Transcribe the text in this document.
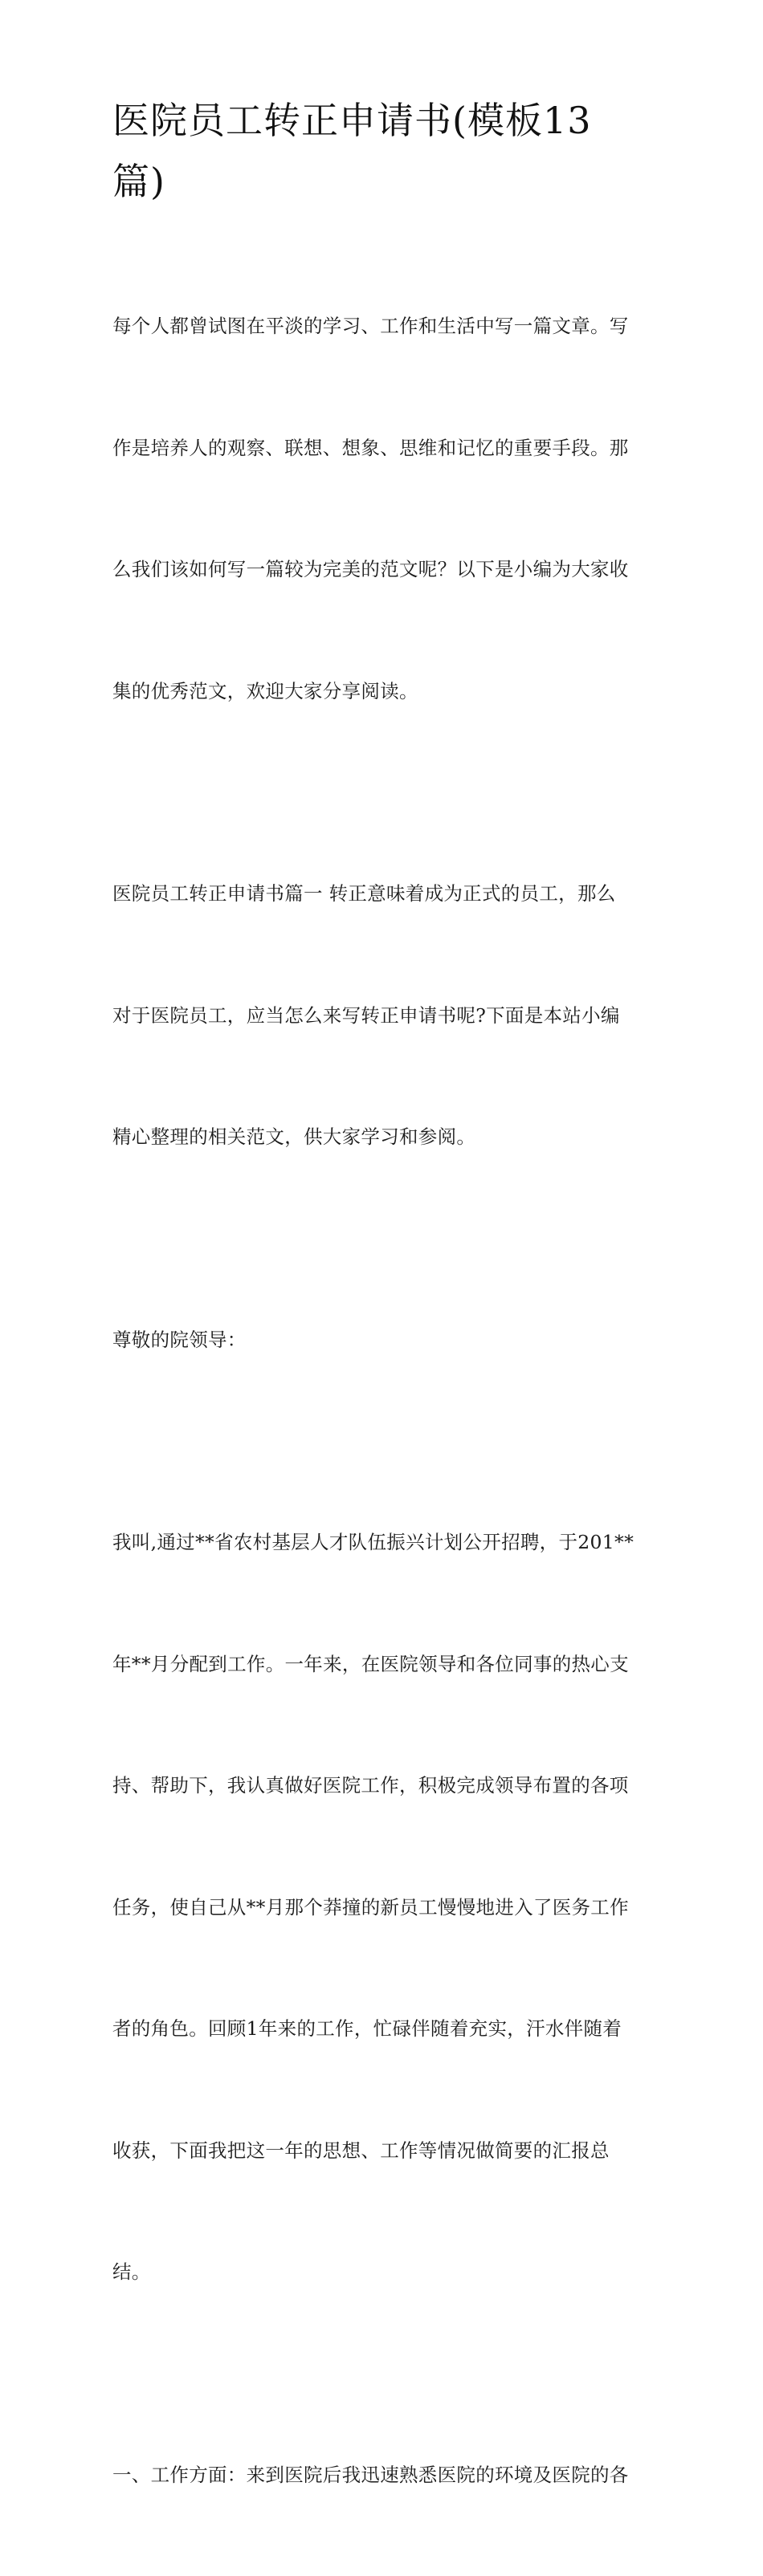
医院员工转正申请书(模板13
篇)

每个人都曾试图在平淡的学习、工作和生活中写一篇文章。写

作是培养人的观察、联想、想象、思维和记忆的重要手段。那

么我们该如何写一篇较为完美的范文呢？以下是小编为大家收

集的优秀范文，欢迎大家分享阅读。

医院员工转正申请书篇一 转正意味着成为正式的员工，那么

对于医院员工，应当怎么来写转正申请书呢?下面是本站小编

精心整理的相关范文，供大家学习和参阅。

尊敬的院领导：

我叫,通过**省农村基层人才队伍振兴计划公开招聘，于201**

年**月分配到工作。一年来，在医院领导和各位同事的热心支

持、帮助下，我认真做好医院工作，积极完成领导布置的各项

任务，使自己从**月那个莽撞的新员工慢慢地进入了医务工作

者的角色。回顾1年来的工作，忙碌伴随着充实，汗水伴随着

收获，下面我把这一年的思想、工作等情况做简要的汇报总

结。

一、工作方面：来到医院后我迅速熟悉医院的环境及医院的各
